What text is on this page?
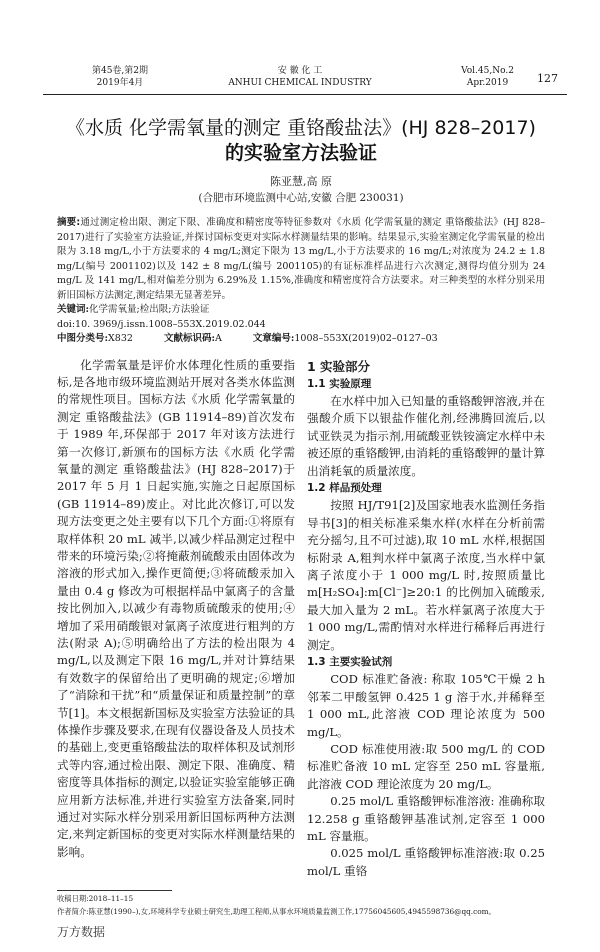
第45卷,第2期
2019年4月
安 徽 化 工
ANHUI CHEMICAL INDUSTRY
Vol.45,No.2
Apr.2019	127
《水质 化学需氧量的测定 重铬酸盐法》(HJ 828–2017)
的实验室方法验证
陈亚慧,高 原
(合肥市环境监测中心站,安徽 合肥 230031)
摘要:通过测定检出限、测定下限、准确度和精密度等特征参数对《水质 化学需氧量的测定 重铬酸盐法》(HJ 828–2017)进行了实验室方法验证,并探讨国标变更对实际水样测量结果的影响。结果显示,实验室测定化学需氧量的检出限为 3.18 mg/L,小于方法要求的 4 mg/L;测定下限为 13 mg/L,小于方法要求的 16 mg/L;对浓度为 24.2 ± 1.8 mg/L(编号 2001102)以及 142 ± 8 mg/L(编号 2001105)的有证标准样品进行六次测定,测得均值分别为 24 mg/L 及 141 mg/L,相对偏差分别为 6.29%及 1.15%,准确度和精密度符合方法要求。对三种类型的水样分别采用新旧国标方法测定,测定结果无显著差异。
关键词:化学需氧量;检出限;方法验证
doi:10. 3969/j.issn.1008–553X.2019.02.044
中图分类号:X832	文献标识码:A	文章编号:1008–553X(2019)02–0127–03

化学需氧量是评价水体理化性质的重要指标,是各地市级环境监测站开展对各类水体监测的常规性项目。国标方法《水质 化学需氧量的测定 重铬酸盐法》(GB 11914–89)首次发布于 1989 年,环保部于 2017 年对该方法进行第一次修订,新颁布的国标方法《水质 化学需氧量的测定 重铬酸盐法》(HJ 828–2017)于 2017 年 5 月 1 日起实施,实施之日起原国标(GB 11914–89)废止。对比此次修订,可以发现方法变更之处主要有以下几个方面:①将原有取样体积 20 mL 减半,以减少样品测定过程中带来的环境污染;②将掩蔽剂硫酸汞由固体改为溶液的形式加入,操作更简便;③将硫酸汞加入量由 0.4 g 修改为可根据样品中氯离子的含量按比例加入,以减少有毒物质硫酸汞的使用;④增加了采用硝酸银对氯离子浓度进行粗判的方法(附录 A);⑤明确给出了方法的检出限为 4 mg/L,以及测定下限 16 mg/L,并对计算结果有效数字的保留给出了更明确的规定;⑥增加了“消除和干扰”和“质量保证和质量控制”的章节[1]。本文根据新国标及实验室方法验证的具体操作步骤及要求,在现有仪器设备及人员技术的基础上,变更重铬酸盐法的取样体积及试剂形式等内容,通过检出限、测定下限、准确度、精密度等具体指标的测定,以验证实验室能够正确应用新方法标准,并进行实验室方法备案,同时通过对实际水样分别采用新旧国标两种方法测定,来判定新国标的变更对实际水样测量结果的影响。

1 实验部分
1.1 实验原理

在水样中加入已知量的重铬酸钾溶液,并在强酸介质下以银盐作催化剂,经沸腾回流后,以试亚铁灵为指示剂,用硫酸亚铁铵滴定水样中未被还原的重铬酸钾,由消耗的重铬酸钾的量计算出消耗氧的质量浓度。

1.2 样品预处理

按照 HJ/T91[2]及国家地表水监测任务指导书[3]的相关标准采集水样(水样在分析前需充分摇匀,且不可过滤),取 10 mL 水样,根据国标附录 A,粗判水样中氯离子浓度,当水样中氯离子浓度小于 1 000 mg/L 时,按照质量比 m[H₂SO₄]:m[Cl⁻]≥20:1 的比例加入硫酸汞,最大加入量为 2 mL。若水样氯离子浓度大于 1 000 mg/L,需酌情对水样进行稀释后再进行测定。

1.3 主要实验试剂

COD 标准贮备液: 称取 105℃干燥 2 h 邻苯二甲酸氢钾 0.425 1 g 溶于水,并稀释至 1 000 mL,此溶液 COD 理论浓度为 500 mg/L。

COD 标准使用液:取 500 mg/L 的 COD 标准贮备液 10 mL 定容至 250 mL 容量瓶,此溶液 COD 理论浓度为 20 mg/L。

0.25 mol/L 重铬酸钾标准溶液: 准确称取 12.258 g 重铬酸钾基准试剂,定容至 1 000 mL 容量瓶。

0.025 mol/L 重铬酸钾标准溶液:取 0.25 mol/L 重铬

收稿日期:2018–11–15
作者简介:陈亚慧(1990–),女,环境科学专业硕士研究生,助理工程师,从事水环境质量监测工作,17756045605,4945598736@qq.com。
万方数据
